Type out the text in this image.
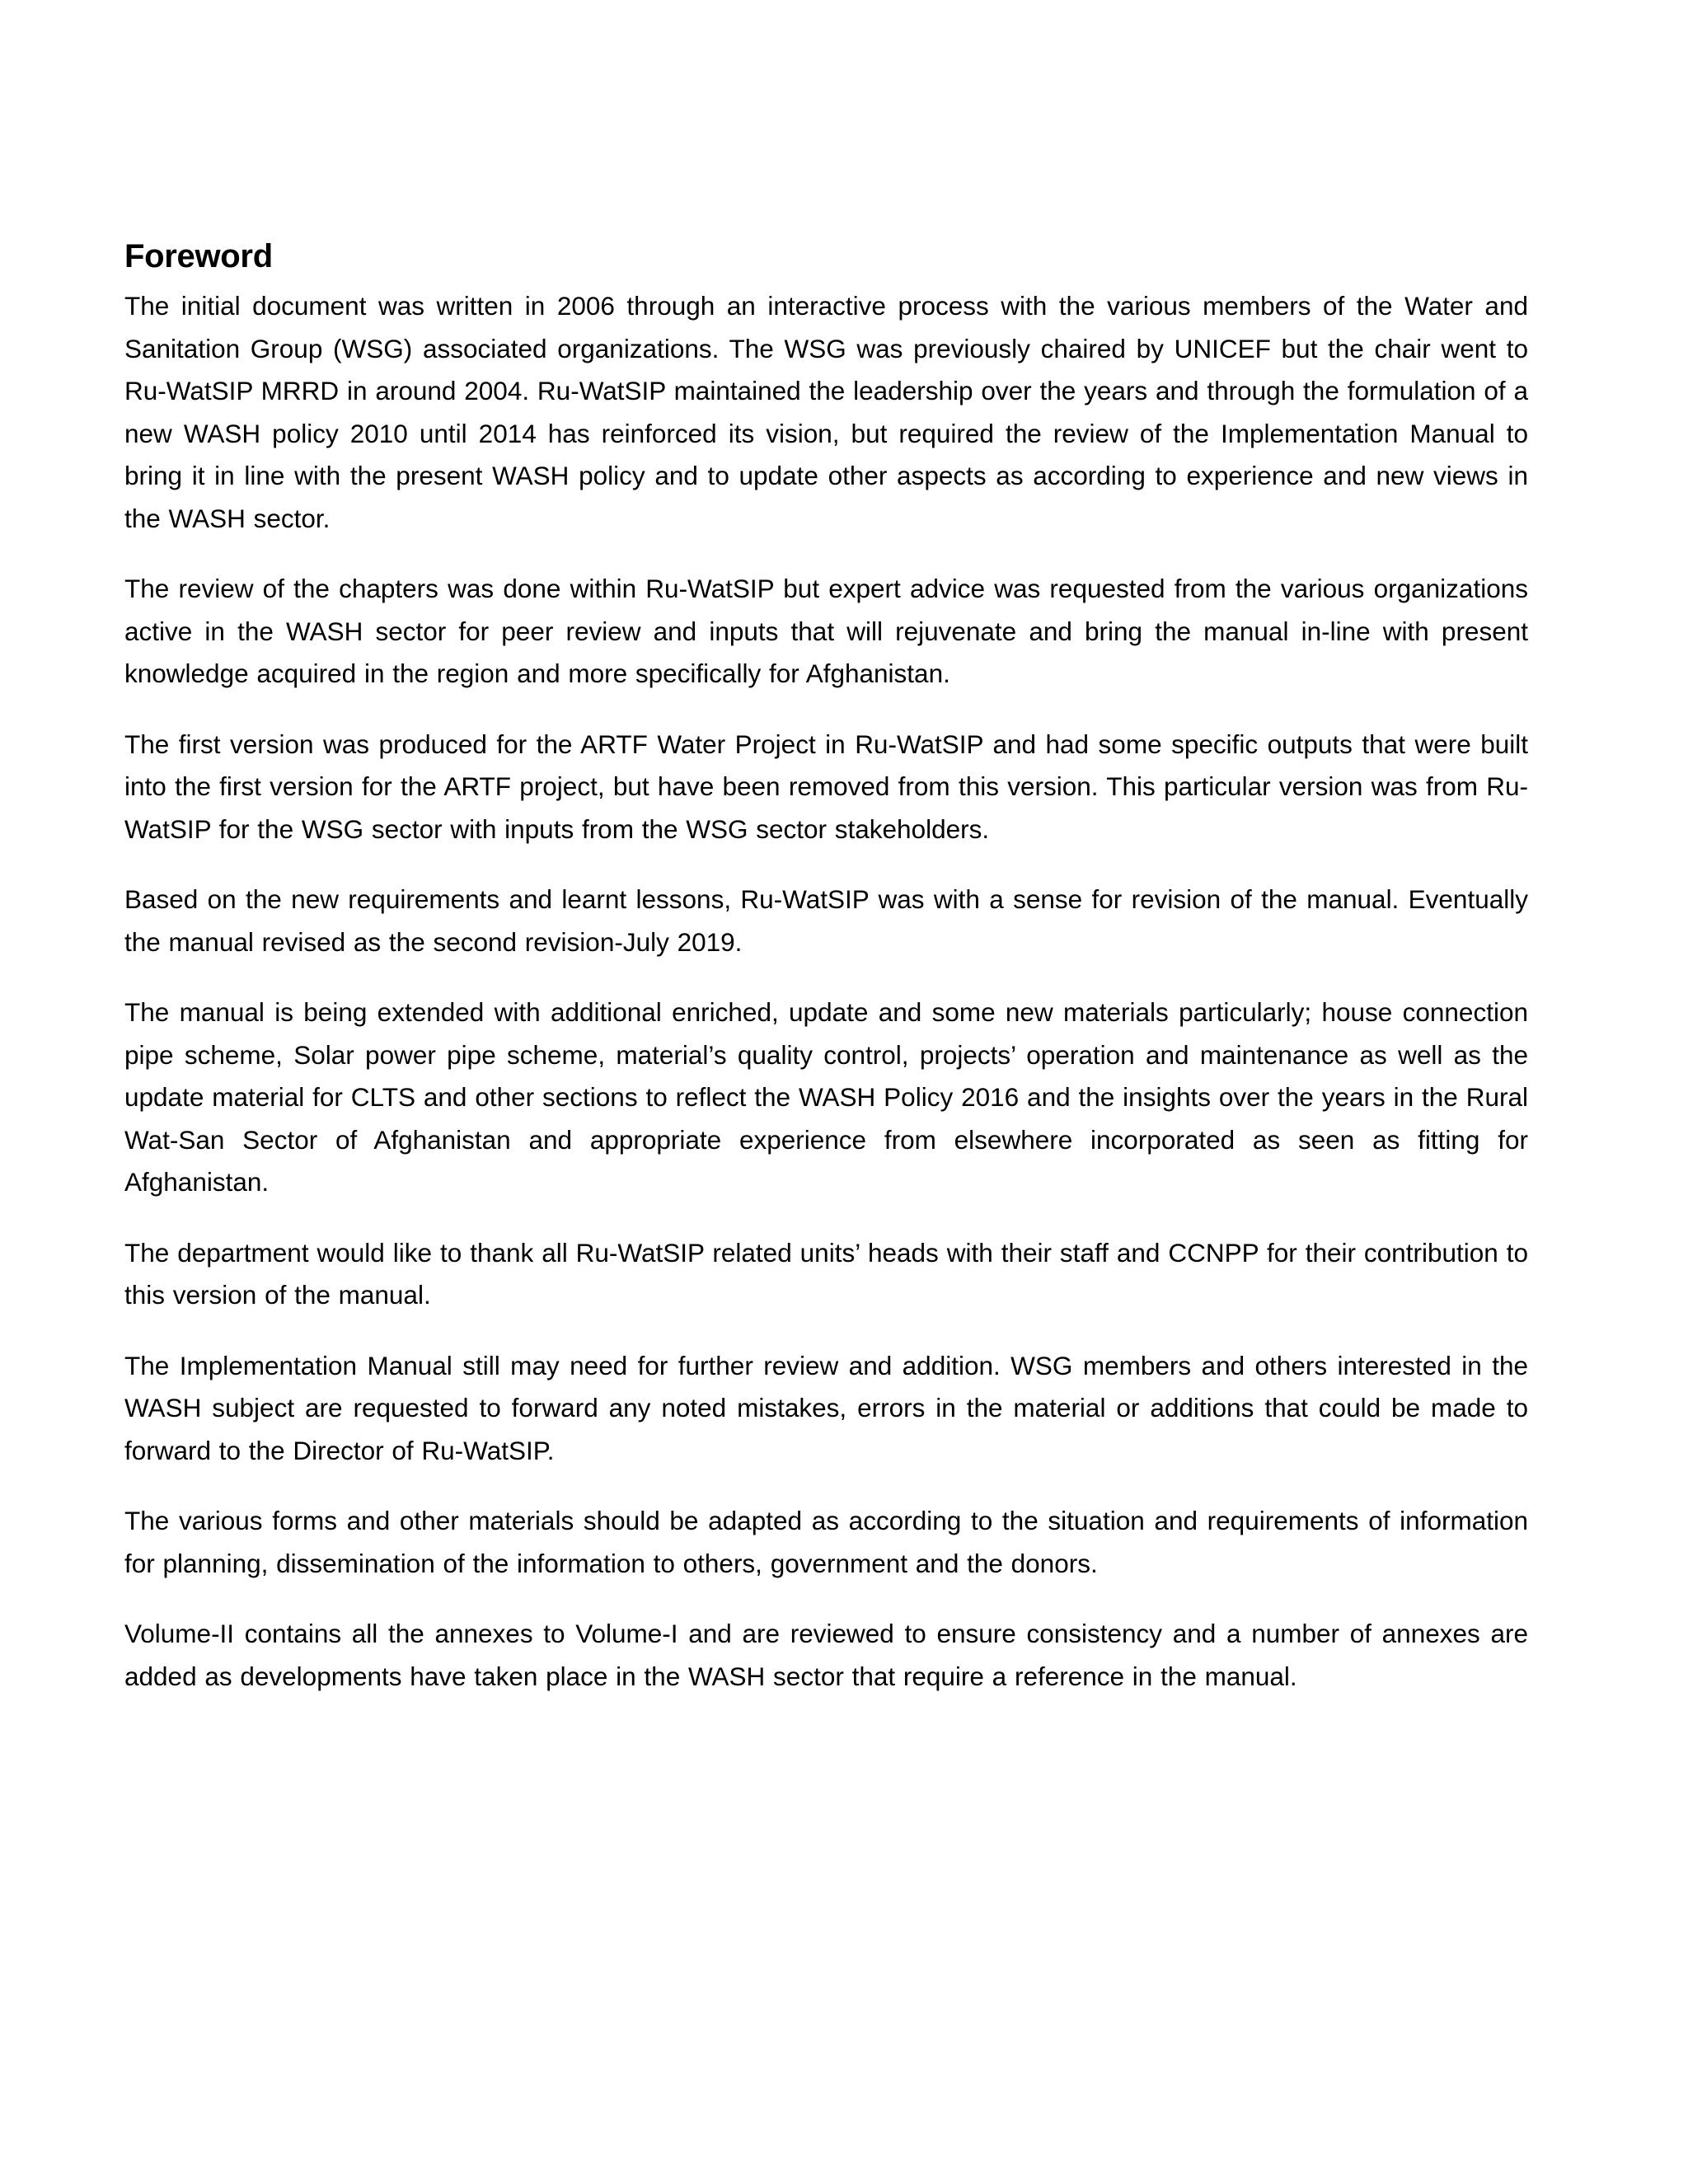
Foreword

The initial document was written in 2006 through an interactive process with the various members of the Water and Sanitation Group (WSG) associated organizations. The WSG was previously chaired by UNICEF but the chair went to Ru-WatSIP MRRD in around 2004. Ru-WatSIP maintained the leadership over the years and through the formulation of a new WASH policy 2010 until 2014 has reinforced its vision, but required the review of the Implementation Manual to bring it in line with the present WASH policy and to update other aspects as according to experience and new views in the WASH sector.

The review of the chapters was done within Ru-WatSIP but expert advice was requested from the various organizations active in the WASH sector for peer review and inputs that will rejuvenate and bring the manual in-line with present knowledge acquired in the region and more specifically for Afghanistan.

The first version was produced for the ARTF Water Project in Ru-WatSIP and had some specific outputs that were built into the first version for the ARTF project, but have been removed from this version. This particular version was from Ru-WatSIP for the WSG sector with inputs from the WSG sector stakeholders.

Based on the new requirements and learnt lessons, Ru-WatSIP was with a sense for revision of the manual. Eventually the manual revised as the second revision-July 2019.

The manual is being extended with additional enriched, update and some new materials particularly; house connection pipe scheme, Solar power pipe scheme, material’s quality control, projects’ operation and maintenance as well as the update material for CLTS and other sections to reflect the WASH Policy 2016 and the insights over the years in the Rural Wat-San Sector of Afghanistan and appropriate experience from elsewhere incorporated as seen as fitting for Afghanistan.

The department would like to thank all Ru-WatSIP related units’ heads with their staff and CCNPP for their contribution to this version of the manual.

The Implementation Manual still may need for further review and addition. WSG members and others interested in the WASH subject are requested to forward any noted mistakes, errors in the material or additions that could be made to forward to the Director of Ru-WatSIP.

The various forms and other materials should be adapted as according to the situation and requirements of information for planning, dissemination of the information to others, government and the donors.

Volume-II contains all the annexes to Volume-I and are reviewed to ensure consistency and a number of annexes are added as developments have taken place in the WASH sector that require a reference in the manual.
